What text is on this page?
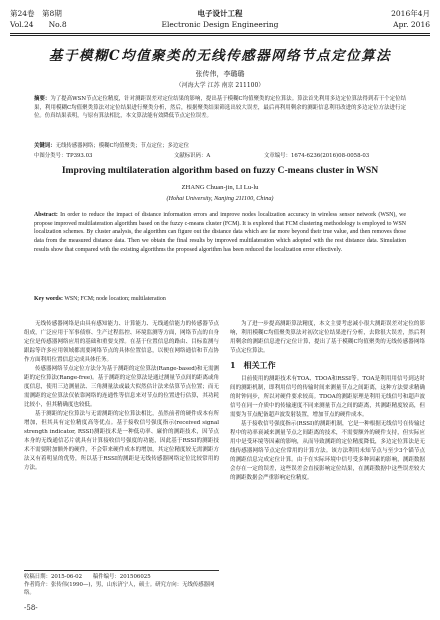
第24卷　第8期
Vol.24　　No.8
电子设计工程
Electronic Design Engineering
2016年4月
Apr. 2016
基于模糊C均值聚类的无线传感器网络节点定位算法
张传伟，李璐璐
（河海大学 江苏 南京 211100）
摘要：为了提高WSN节点定位精度，针对测距误差对定位结果的影响，提出基于模糊C均值聚类的定位算法。算法首先利用多边定位算法得到若干个定位结果，利用模糊C均值聚类算法对定位结果进行聚类分析，然后，根据聚类结果筛选出较大误差，最后再利用剩余的测距信息利用改进的多边定位方法进行定位。仿真结果表明，与原有算法相比，本文算法能有效降低节点定位误差。
关键词：无线传感器网络；模糊C均值聚类；节点定位；多边定位
中图分类号：TP393.03	文献标识码：A	文章编号：1674-6236(2016)08-0058-03
Improving multilateration algorithm based on fuzzy C-means cluster in WSN
ZHANG Chuan-jin, LI Lu-lu
(Hohai University, Nanjing 211100, China)
Abstract: In order to reduce the impact of distance information errors and improve nodes localization accuracy in wireless sensor network (WSN), we propose improved multilateration algorithm based on the fuzzy c-means cluster (FCM). It is explored that FCM clustering methodology is employed to WSN localization schemes. By cluster analysis, the algorithm can figure out the distance data which are far more beyond their true value, and then removes those data from the measured distance data. Then we obtain the final results by improved multilateration which adopted with the rest distance data. Simulation results show that compared with the existing algorithms the proposed algorithm has been reduced the localization error effectively.
Key words: WSN; FCM; node location; multilateration

无线传感器网络是由具有感知能力、计算能力、无线通信能力的传感器节点组成，广泛应用于军事侦察、生产过程监控、环境监测等方面，网络节点的自身定位是传感器网络应用的基础和重要支撑。在基于位置信息的路由、目标监测与跟踪等许多应用领域都需要网络节点的具体位置信息，以便在网络通信和节点协作方面利用位置信息完成具体任务。

传感器网络节点定位方法分为基于测距的定位算法(Range-based)和无需测距的定位算法(Range-free)。基于测距的定位算法是通过测量节点间的距离或角度信息，使用三边测量法、三角测量法或最大似然估计法来估算节点位置；而无需测距的定位算法仅依靠网络的连通性等信息来对节点的位置进行估算，其功耗比较小，但其精确度也较低。

基于测距的定位算法与无需测距的定位算法相比，虽然前者的硬件成本有所增加，但其具有定位精度高等优点。基于接收信号强度指示(received signal strength indicator, RSSI)测距技术是一种低功率、廉价的测距技术，因节点本身的无线通信芯片就具有计算接收信号强度的功能，因此基于RSSI的测距技术不需要附加额外的硬件，不会带来硬件成本的增加，其定位精度较无需测距方法又有着明显的优势，所以基于RSSI的测距是无线传感器网络定位比较常用的方法。

为了进一步提高测距算法精度，本文主要考虑减小很大测距误差对定位的影响，利用模糊C均值聚类算法对初次定位结果进行分析，去除很大误差，然后利用剩余的测距信息进行定位计算，提出了基于模糊C均值聚类的无线传感器网络节点定位算法。

1　相关工作

目前使用的测距技术有TOA、TDOA和RSSI等。TOA是利用用信号到达时间的测距机制，即利用信号的传输时间来测量节点之间距离，这种方法要求精确的时钟同步，所以对硬件要求较高。TDOA的测距原理是利用无线信号和超声波信号在同一介质中的传输速度不同来测量节点之间的距离，其测距精度较高，但需要为节点配备超声波发射装置，增加节点的硬件成本。

基于接收信号强度指示(RSSI)的测距机制，它是一种根据无线信号在传输过程中的功率衰减来测量节点之间距离的技术，不需要额外的硬件支持，但实际应用中是受环境等因素的影响，从而导致测距的定位精度降低，多边定位算法是无线传感器网络节点定位常用的计算方法。该方法利用未知节点与至少3个锚节点的测距信息完成定位计算。由于在实际环境中信号受多种因素的影响，测距数据会存在一定的误差，这些误差会直接影响定位结果，在测距数据中这些误差较大的测距数据会严重影响定位精度。

收稿日期：2015-06-02　　稿件编号：201506025
作者简介：张传伟(1990—)，男，山东济宁人，硕士。研究方向：无线传感器网络。
-58-
